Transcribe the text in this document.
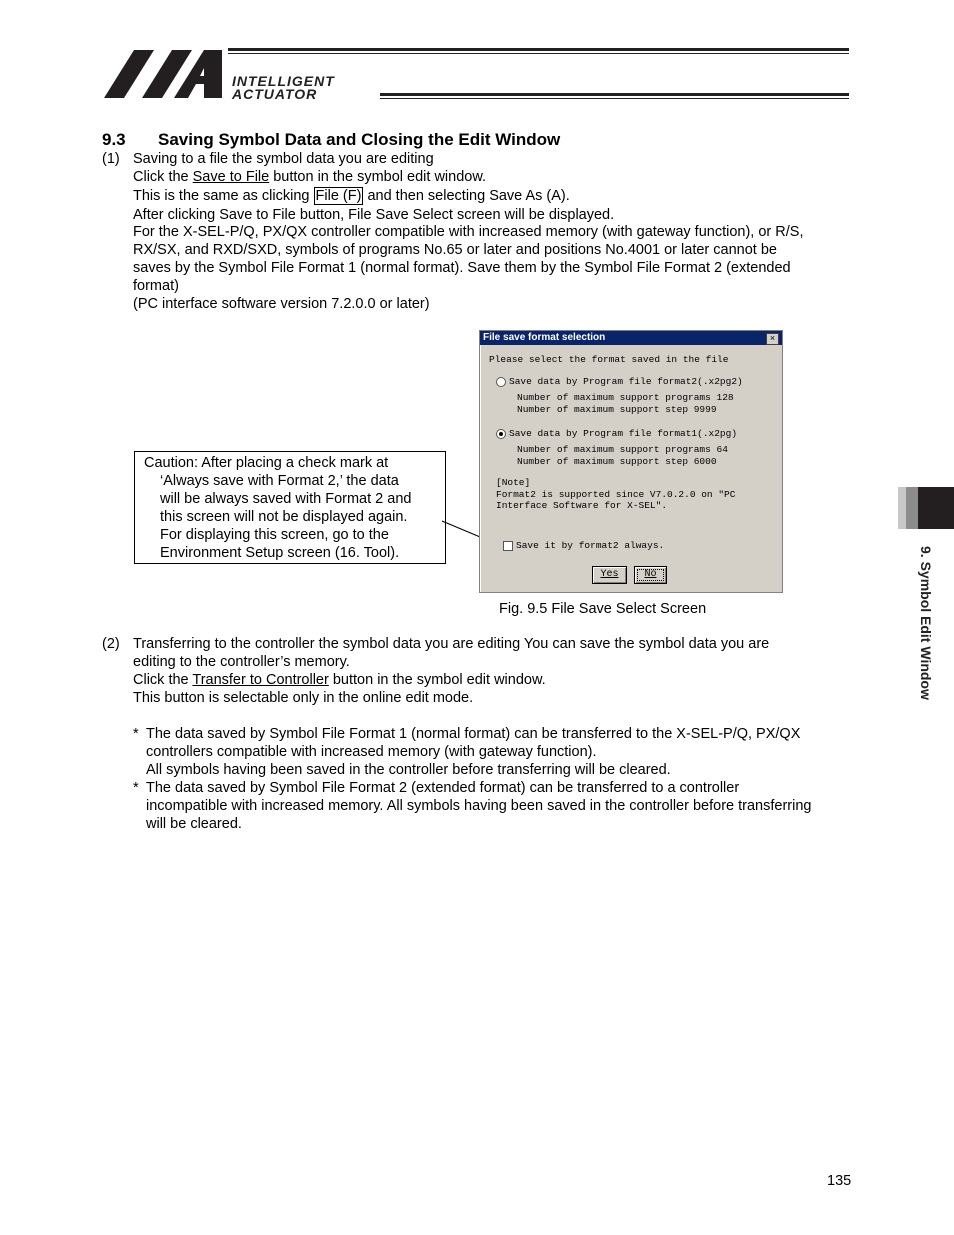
INTELLIGENT
ACTUATOR
9.3 Saving Symbol Data and Closing the Edit Window
(1) Saving to a file the symbol data you are editing
Click the Save to File button in the symbol edit window.
This is the same as clicking File (F) and then selecting Save As (A).
After clicking Save to File button, File Save Select screen will be displayed.
For the X-SEL-P/Q, PX/QX controller compatible with increased memory (with gateway function), or R/S,
RX/SX, and RXD/SXD, symbols of programs No.65 or later and positions No.4001 or later cannot be
saves by the Symbol File Format 1 (normal format). Save them by the Symbol File Format 2 (extended
format)
(PC interface software version 7.2.0.0 or later)
Caution: After placing a check mark at
‘Always save with Format 2,’ the data
will be always saved with Format 2 and
this screen will not be displayed again.
For displaying this screen, go to the
Environment Setup screen (16. Tool).
File save format selection	×
Please select the format saved in the file
Save data by Program file format2(.x2pg2)
Number of maximum support programs 128
Number of maximum support step 9999
Save data by Program file format1(.x2pg)
Number of maximum support programs 64
Number of maximum support step 6000
[Note]
Format2 is supported since V7.0.2.0 on "PC
Interface Software for X-SEL".
Save it by format2 always.
Yes	No
Fig. 9.5 File Save Select Screen
(2) Transferring to the controller the symbol data you are editing You can save the symbol data you are
editing to the controller’s memory.
Click the Transfer to Controller button in the symbol edit window.
This button is selectable only in the online edit mode.
* The data saved by Symbol File Format 1 (normal format) can be transferred to the X-SEL-P/Q, PX/QX
controllers compatible with increased memory (with gateway function).
All symbols having been saved in the controller before transferring will be cleared.
* The data saved by Symbol File Format 2 (extended format) can be transferred to a controller
incompatible with increased memory. All symbols having been saved in the controller before transferring
will be cleared.
9. Symbol Edit Window
135
